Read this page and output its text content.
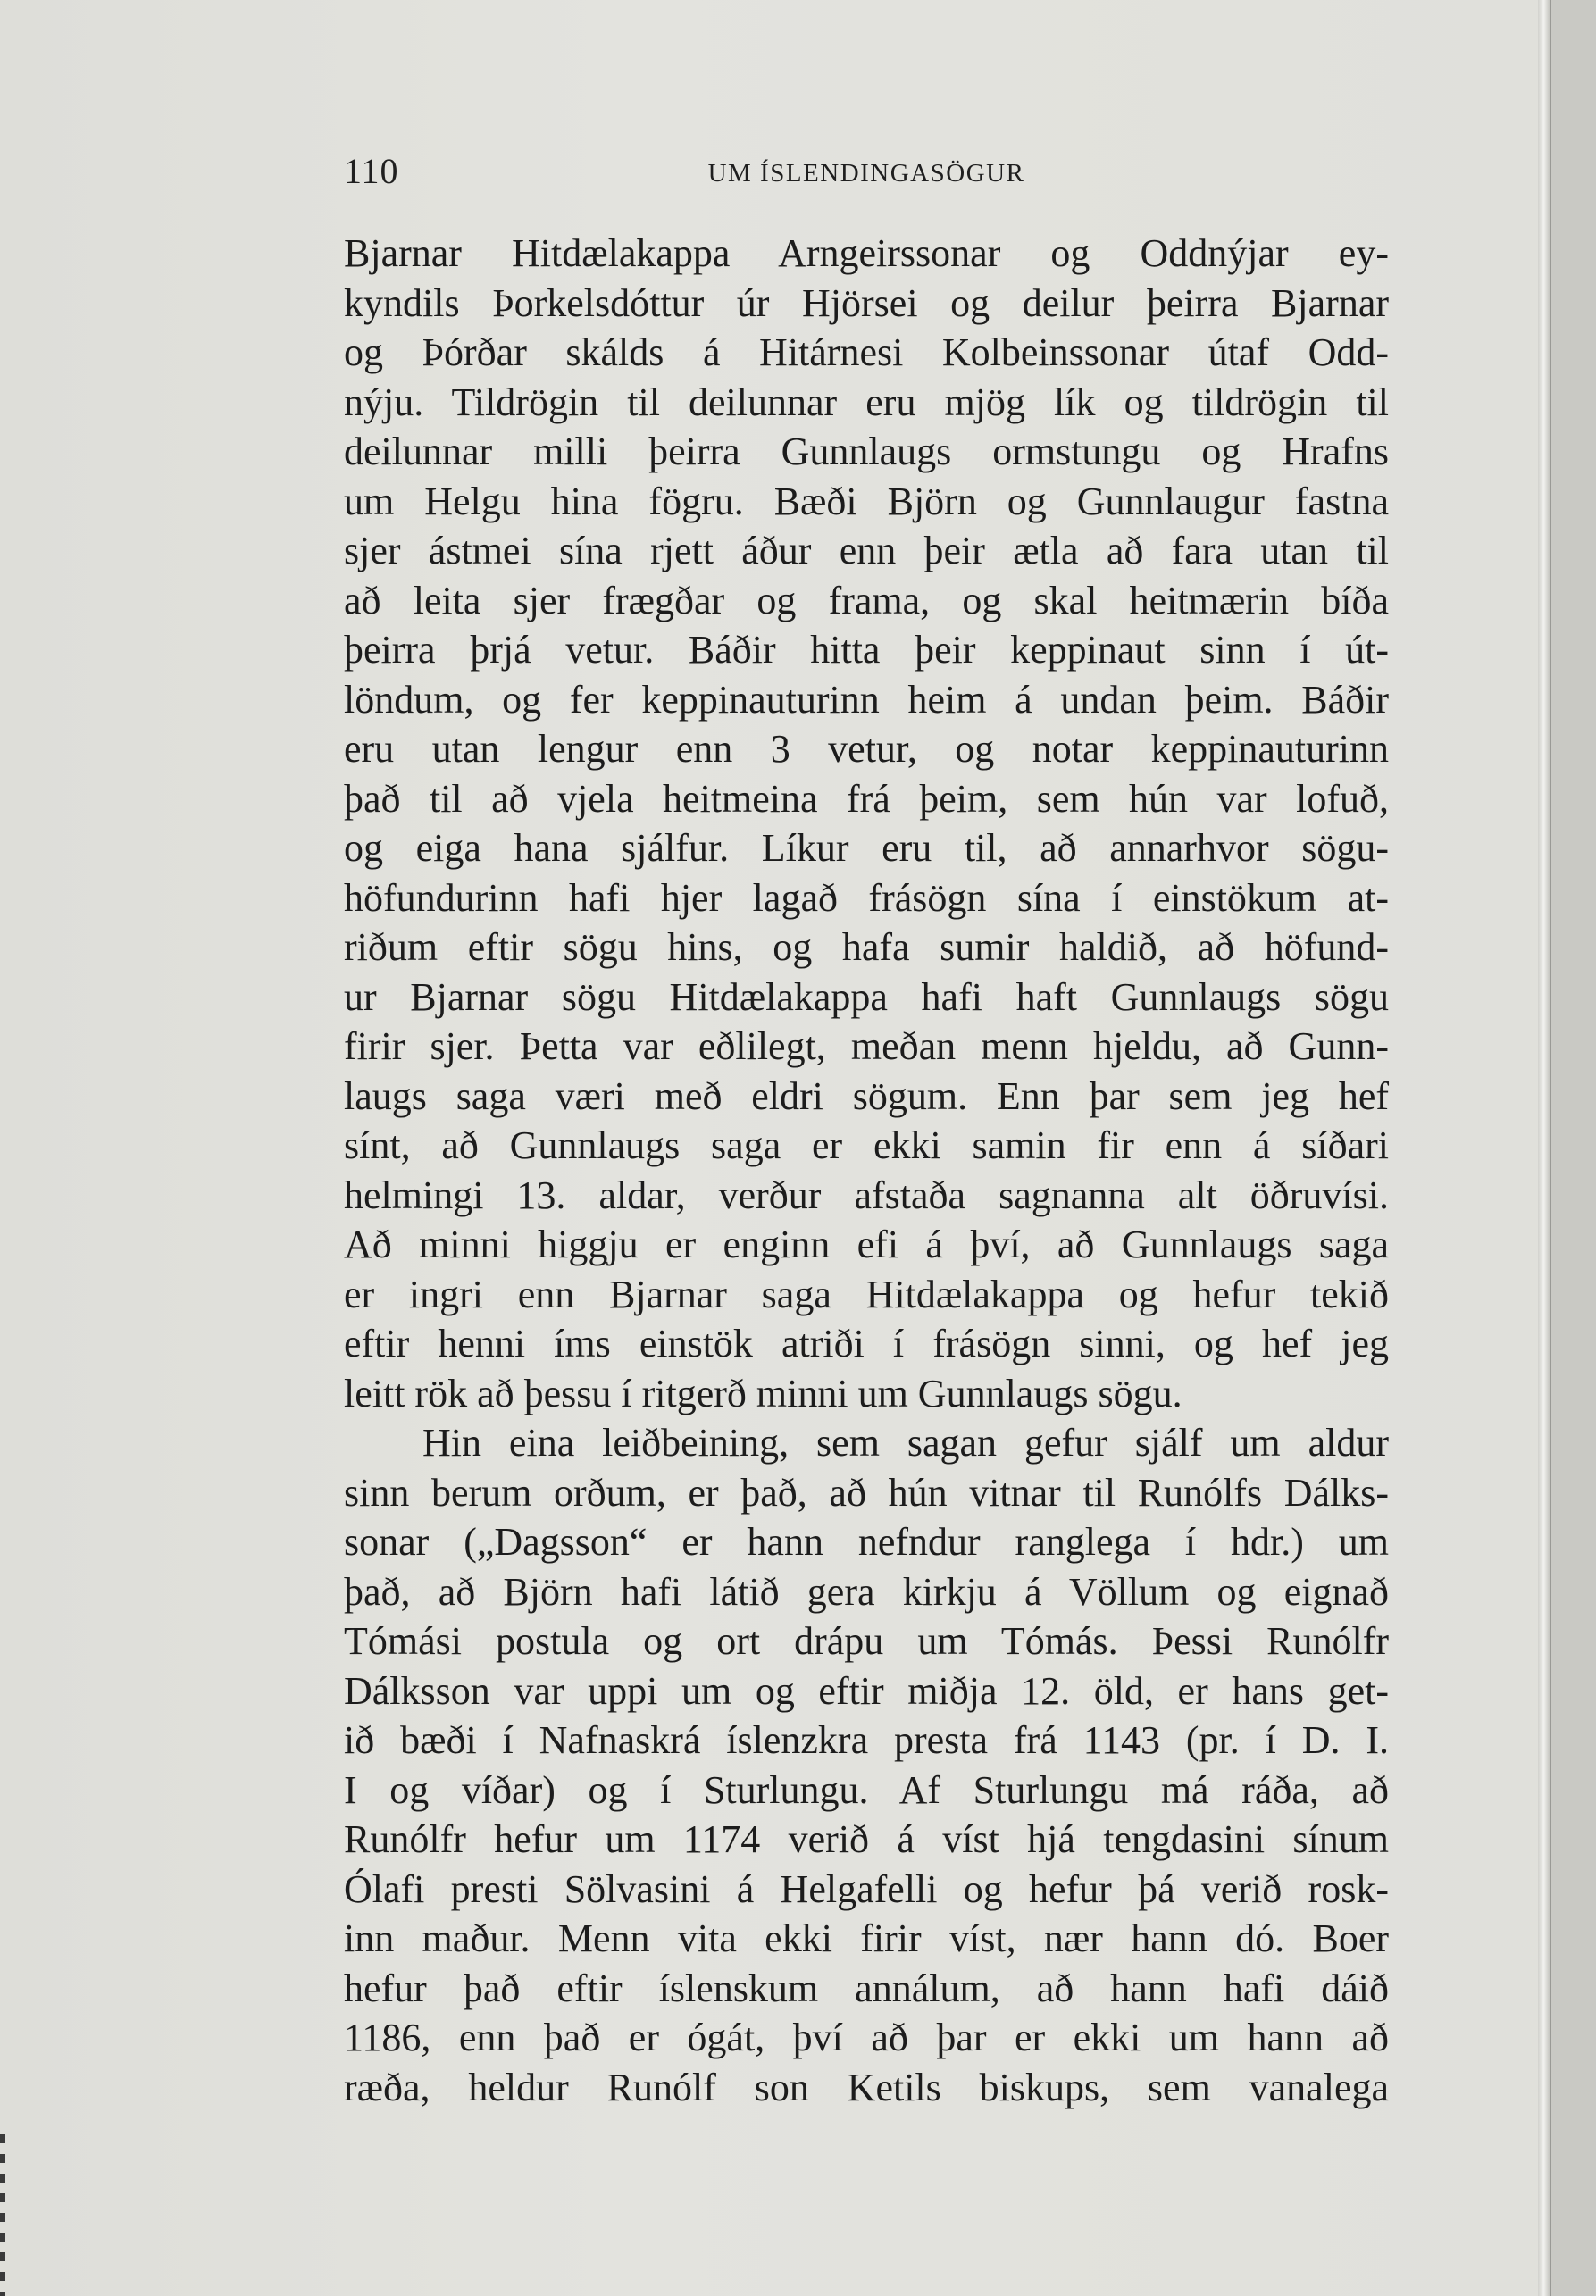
110	UM ÍSLENDINGASÖGUR
Bjarnar Hitdælakappa Arngeirssonar og Oddnýjar ey-
kyndils Þorkelsdóttur úr Hjörsei og deilur þeirra Bjarnar
og Þórðar skálds á Hitárnesi Kolbeinssonar útaf Odd-
nýju. Tildrögin til deilunnar eru mjög lík og tildrögin til
deilunnar milli þeirra Gunnlaugs ormstungu og Hrafns
um Helgu hina fögru. Bæði Björn og Gunnlaugur fastna
sjer ástmei sína rjett áður enn þeir ætla að fara utan til
að leita sjer frægðar og frama, og skal heitmærin bíða
þeirra þrjá vetur. Báðir hitta þeir keppinaut sinn í út-
löndum, og fer keppinauturinn heim á undan þeim. Báðir
eru utan lengur enn 3 vetur, og notar keppinauturinn
það til að vjela heitmeina frá þeim, sem hún var lofuð,
og eiga hana sjálfur. Líkur eru til, að annarhvor sögu-
höfundurinn hafi hjer lagað frásögn sína í einstökum at-
riðum eftir sögu hins, og hafa sumir haldið, að höfund-
ur Bjarnar sögu Hitdælakappa hafi haft Gunnlaugs sögu
firir sjer. Þetta var eðlilegt, meðan menn hjeldu, að Gunn-
laugs saga væri með eldri sögum. Enn þar sem jeg hef
sínt, að Gunnlaugs saga er ekki samin fir enn á síðari
helmingi 13. aldar, verður afstaða sagnanna alt öðruvísi.
Að minni higgju er enginn efi á því, að Gunnlaugs saga
er ingri enn Bjarnar saga Hitdælakappa og hefur tekið
eftir henni íms einstök atriði í frásögn sinni, og hef jeg
leitt rök að þessu í ritgerð minni um Gunnlaugs sögu.
Hin eina leiðbeining, sem sagan gefur sjálf um aldur
sinn berum orðum, er það, að hún vitnar til Runólfs Dálks-
sonar („Dagsson“ er hann nefndur ranglega í hdr.) um
það, að Björn hafi látið gera kirkju á Völlum og eignað
Tómási postula og ort drápu um Tómás. Þessi Runólfr
Dálksson var uppi um og eftir miðja 12. öld, er hans get-
ið bæði í Nafnaskrá íslenzkra presta frá 1143 (pr. í D. I.
I og víðar) og í Sturlungu. Af Sturlungu má ráða, að
Runólfr hefur um 1174 verið á víst hjá tengdasini sínum
Ólafi presti Sölvasini á Helgafelli og hefur þá verið rosk-
inn maður. Menn vita ekki firir víst, nær hann dó. Boer
hefur það eftir íslenskum annálum, að hann hafi dáið
1186, enn það er ógát, því að þar er ekki um hann að
ræða, heldur Runólf son Ketils biskups, sem vanalega
